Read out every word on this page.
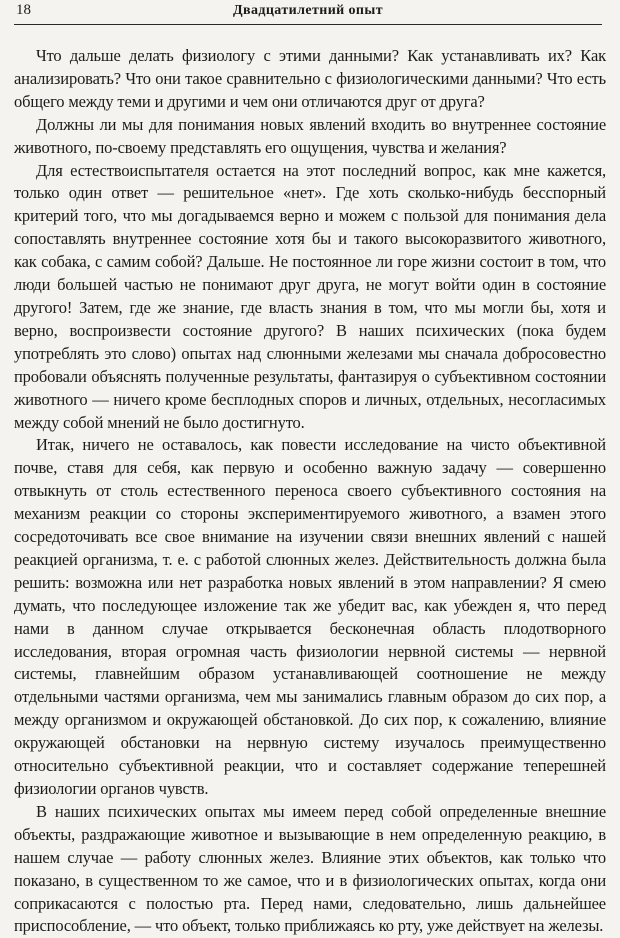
18	Двадцатилетний опыт

Что дальше делать физиологу с этими данными? Как устанавливать их? Как анализировать? Что они такое сравнительно с физиологическими данными? Что есть общего между теми и другими и чем они отличаются друг от друга?

Должны ли мы для понимания новых явлений входить во внутреннее состояние животного, по-своему представлять его ощущения, чувства и желания?

Для естествоиспытателя остается на этот последний вопрос, как мне кажется, только один ответ — решительное «нет». Где хоть сколько-нибудь бесспорный критерий того, что мы догадываемся верно и можем с пользой для понимания дела сопоставлять внутреннее состояние хотя бы и такого высокоразвитого животного, как собака, с самим собой? Дальше. Не постоянное ли горе жизни состоит в том, что люди большей частью не понимают друг друга, не могут войти один в состояние другого! Затем, где же знание, где власть знания в том, что мы могли бы, хотя и верно, воспроизвести состояние другого? В наших психических (пока будем употреблять это слово) опытах над слюнными железами мы сначала добросовестно пробовали объяснять полученные результаты, фантазируя о субъективном состоянии животного — ничего кроме бесплодных споров и личных, отдельных, несогласимых между собой мнений не было достигнуто.

Итак, ничего не оставалось, как повести исследование на чисто объективной почве, ставя для себя, как первую и особенно важную задачу — совершенно отвыкнуть от столь естественного переноса своего субъективного состояния на механизм реакции со стороны экспериментируемого животного, а взамен этого сосредоточивать все свое внимание на изучении связи внешних явлений с нашей реакцией организма, т. е. с работой слюнных желез. Действительность должна была решить: возможна или нет разработка новых явлений в этом направлении? Я смею думать, что последующее изложение так же убедит вас, как убежден я, что перед нами в данном случае открывается бесконечная область плодотворного исследования, вторая огромная часть физиологии нервной системы — нервной системы, главнейшим образом устанавливающей соотношение не между отдельными частями организма, чем мы занимались главным образом до сих пор, а между организмом и окружающей обстановкой. До сих пор, к сожалению, влияние окружающей обстановки на нервную систему изучалось преимущественно относительно субъективной реакции, что и составляет содержание теперешней физиологии органов чувств.

В наших психических опытах мы имеем перед собой определенные внешние объекты, раздражающие животное и вызывающие в нем определенную реакцию, в нашем случае — работу слюнных желез. Влияние этих объектов, как только что показано, в существенном то же самое, что и в физиологических опытах, когда они соприкасаются с полостью рта. Перед нами, следовательно, лишь дальнейшее приспособление, — что объект, только приближаясь ко рту, уже действует на железы.
